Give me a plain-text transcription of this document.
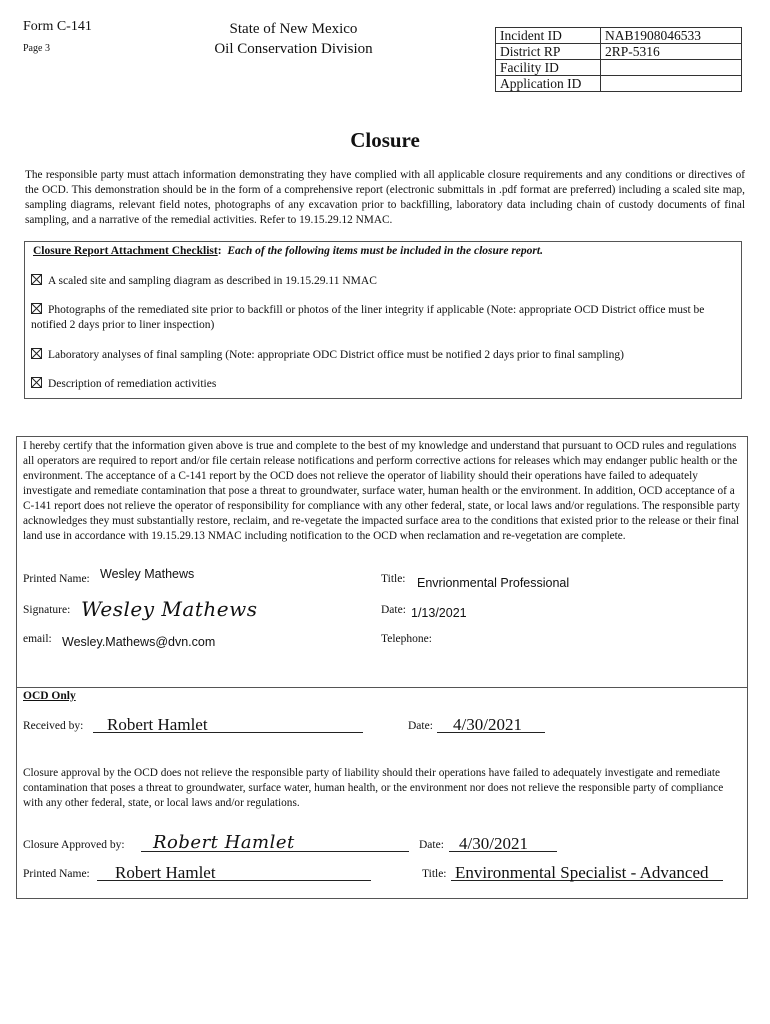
Form C-141
Page 3
State of New Mexico
Oil Conservation Division
Incident ID	NAB1908046533
District RP	2RP-5316
Facility ID	
Application ID	
Closure
The responsible party must attach information demonstrating they have complied with all applicable closure requirements and any conditions or directives of the OCD. This demonstration should be in the form of a comprehensive report (electronic submittals in .pdf format are preferred) including a scaled site map, sampling diagrams, relevant field notes, photographs of any excavation prior to backfilling, laboratory data including chain of custody documents of final sampling, and a narrative of the remedial activities. Refer to 19.15.29.12 NMAC.
Closure Report Attachment Checklist: Each of the following items must be included in the closure report.
A scaled site and sampling diagram as described in 19.15.29.11 NMAC
Photographs of the remediated site prior to backfill or photos of the liner integrity if applicable (Note: appropriate OCD District office must be notified 2 days prior to liner inspection)
Laboratory analyses of final sampling (Note: appropriate ODC District office must be notified 2 days prior to final sampling)
Description of remediation activities
I hereby certify that the information given above is true and complete to the best of my knowledge and understand that pursuant to OCD rules and regulations all operators are required to report and/or file certain release notifications and perform corrective actions for releases which may endanger public health or the environment. The acceptance of a C-141 report by the OCD does not relieve the operator of liability should their operations have failed to adequately investigate and remediate contamination that pose a threat to groundwater, surface water, human health or the environment. In addition, OCD acceptance of a C-141 report does not relieve the operator of responsibility for compliance with any other federal, state, or local laws and/or regulations. The responsible party acknowledges they must substantially restore, reclaim, and re-vegetate the impacted surface area to the conditions that existed prior to the release or their final land use in accordance with 19.15.29.13 NMAC including notification to the OCD when reclamation and re-vegetation are complete.
Printed Name: Wesley Mathews	Title: Envrionmental Professional
Signature: Wesley Mathews	Date: 1/13/2021
email: Wesley.Mathews@dvn.com	Telephone:
OCD Only
Received by: Robert Hamlet	Date: 4/30/2021
Closure approval by the OCD does not relieve the responsible party of liability should their operations have failed to adequately investigate and remediate contamination that poses a threat to groundwater, surface water, human health, or the environment nor does not relieve the responsible party of compliance with any other federal, state, or local laws and/or regulations.
Closure Approved by: Robert Hamlet	Date: 4/30/2021
Printed Name: Robert Hamlet	Title: Environmental Specialist - Advanced
